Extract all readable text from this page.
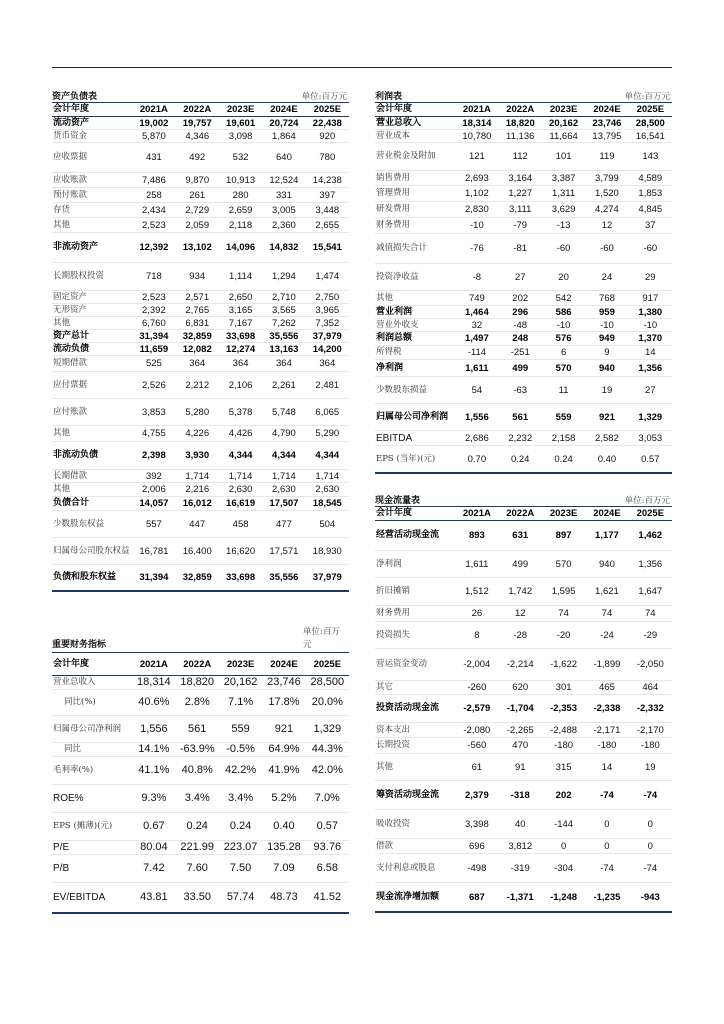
资产负债表	单位:百万元
会计年度	2021A	2022A	2023E	2024E	2025E
流动资产	19,002	19,757	19,601	20,724	22,438
货币资金	5,870	4,346	3,098	1,864	920
应收票据	431	492	532	640	780
应收账款	7,486	9,870	10,913	12,524	14,238
预付账款	258	261	280	331	397
存货	2,434	2,729	2,659	3,005	3,448
其他	2,523	2,059	2,118	2,360	2,655
非流动资产	12,392	13,102	14,096	14,832	15,541
长期股权投资	718	934	1,114	1,294	1,474
固定资产	2,523	2,571	2,650	2,710	2,750
无形资产	2,392	2,765	3,165	3,565	3,965
其他	6,760	6,831	7,167	7,262	7,352
资产总计	31,394	32,859	33,698	35,556	37,979
流动负债	11,659	12,082	12,274	13,163	14,200
短期借款	525	364	364	364	364
应付票据	2,526	2,212	2,106	2,261	2,481
应付账款	3,853	5,280	5,378	5,748	6,065
其他	4,755	4,226	4,426	4,790	5,290
非流动负债	2,398	3,930	4,344	4,344	4,344
长期借款	392	1,714	1,714	1,714	1,714
其他	2,006	2,216	2,630	2,630	2,630
负债合计	14,057	16,012	16,619	17,507	18,545
少数股东权益	557	447	458	477	504
归属母公司股东权益	16,781	16,400	16,620	17,571	18,930
负债和股东权益	31,394	32,859	33,698	35,556	37,979
利润表	单位:百万元
会计年度	2021A	2022A	2023E	2024E	2025E
营业总收入	18,314	18,820	20,162	23,746	28,500
营业成本	10,780	11,136	11,664	13,795	16,541
营业税金及附加	121	112	101	119	143
销售费用	2,693	3,164	3,387	3,799	4,589
管理费用	1,102	1,227	1,311	1,520	1,853
研发费用	2,830	3,111	3,629	4,274	4,845
财务费用	-10	-79	-13	12	37
减值损失合计	-76	-81	-60	-60	-60
投资净收益	-8	27	20	24	29
其他	749	202	542	768	917
营业利润	1,464	296	586	959	1,380
营业外收支	32	-48	-10	-10	-10
利润总额	1,497	248	576	949	1,370
所得税	-114	-251	6	9	14
净利润	1,611	499	570	940	1,356
少数股东损益	54	-63	11	19	27
归属母公司净利润	1,556	561	559	921	1,329
EBITDA	2,686	2,232	2,158	2,582	3,053
EPS (当年)(元)	0.70	0.24	0.24	0.40	0.57
现金流量表	单位:百万元
会计年度	2021A	2022A	2023E	2024E	2025E
经营活动现金流	893	631	897	1,177	1,462
净利润	1,611	499	570	940	1,356
折旧摊销	1,512	1,742	1,595	1,621	1,647
财务费用	26	12	74	74	74
投资损失	8	-28	-20	-24	-29
营运资金变动	-2,004	-2,214	-1,622	-1,899	-2,050
其它	-260	620	301	465	464
投资活动现金流	-2,579	-1,704	-2,353	-2,338	-2,332
资本支出	-2,080	-2,265	-2,488	-2,171	-2,170
长期投资	-560	470	-180	-180	-180
其他	61	91	315	14	19
筹资活动现金流	2,379	-318	202	-74	-74
吸收投资	3,398	40	-144	0	0
借款	696	3,812	0	0	0
支付利息或股息	-498	-319	-304	-74	-74
现金流净增加额	687	-1,371	-1,248	-1,235	-943
重要财务指标
单位:百万元
会计年度	2021A	2022A	2023E	2024E	2025E
营业总收入	18,314	18,820	20,162	23,746	28,500
同比(%)	40.6%	2.8%	7.1%	17.8%	20.0%
归属母公司净利润	1,556	561	559	921	1,329
同比	14.1%	-63.9%	-0.5%	64.9%	44.3%
毛利率(%)	41.1%	40.8%	42.2%	41.9%	42.0%
ROE%	9.3%	3.4%	3.4%	5.2%	7.0%
EPS (摊薄)(元)	0.67	0.24	0.24	0.40	0.57
P/E	80.04	221.99	223.07	135.28	93.76
P/B	7.42	7.60	7.50	7.09	6.58
EV/EBITDA	43.81	33.50	57.74	48.73	41.52
